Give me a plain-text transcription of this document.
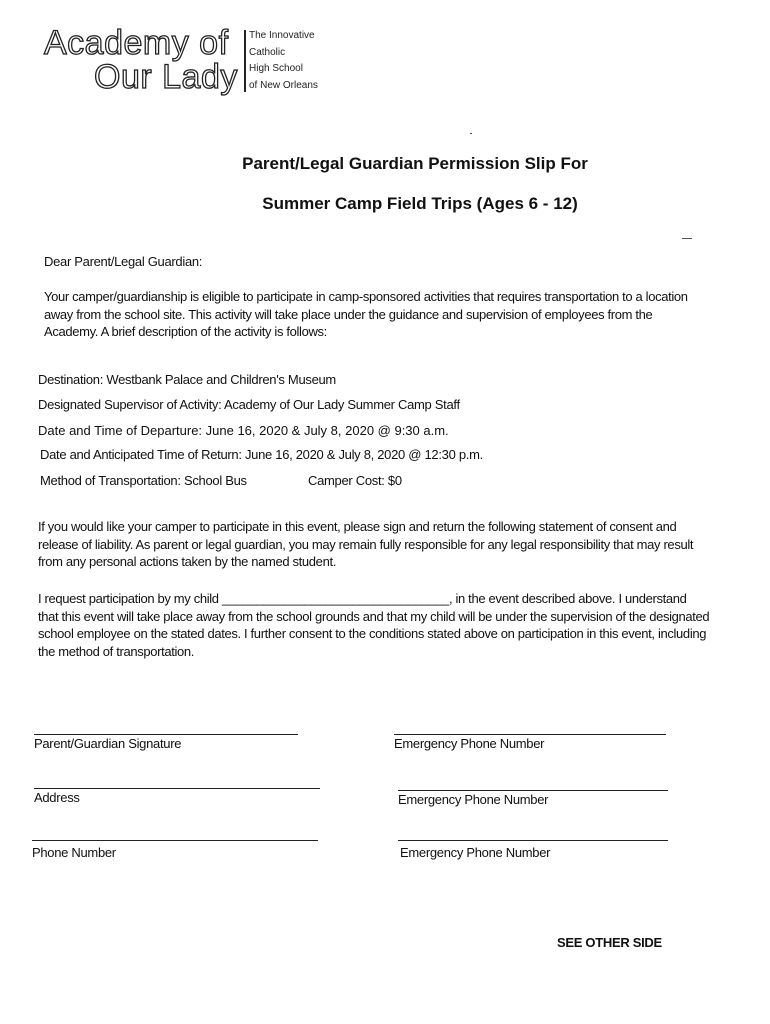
Academy of
Our Lady
The Innovative
Catholic
High School
of New Orleans
Parent/Legal Guardian Permission Slip For
Summer Camp Field Trips (Ages 6 - 12)
Dear Parent/Legal Guardian:
Your camper/guardianship is eligible to participate in camp-sponsored activities that requires transportation to a location
away from the school site. This activity will take place under the guidance and supervision of employees from the
Academy. A brief description of the activity is follows:
Destination: Westbank Palace and Children's Museum
Designated Supervisor of Activity: Academy of Our Lady Summer Camp Staff
Date and Time of Departure: June 16, 2020 & July 8, 2020 @ 9:30 a.m.
Date and Anticipated Time of Return: June 16, 2020 & July 8, 2020 @ 12:30 p.m.
Method of Transportation: School Bus	Camper Cost: $0
If you would like your camper to participate in this event, please sign and return the following statement of consent and
release of liability. As parent or legal guardian, you may remain fully responsible for any legal responsibility that may result
from any personal actions taken by the named student.
I request participation by my child _________________________________, in the event described above. I understand
that this event will take place away from the school grounds and that my child will be under the supervision of the designated
school employee on the stated dates. I further consent to the conditions stated above on participation in this event, including
the method of transportation.
Parent/Guardian Signature	Emergency Phone Number
Address	Emergency Phone Number
Phone Number	Emergency Phone Number
SEE OTHER SIDE
